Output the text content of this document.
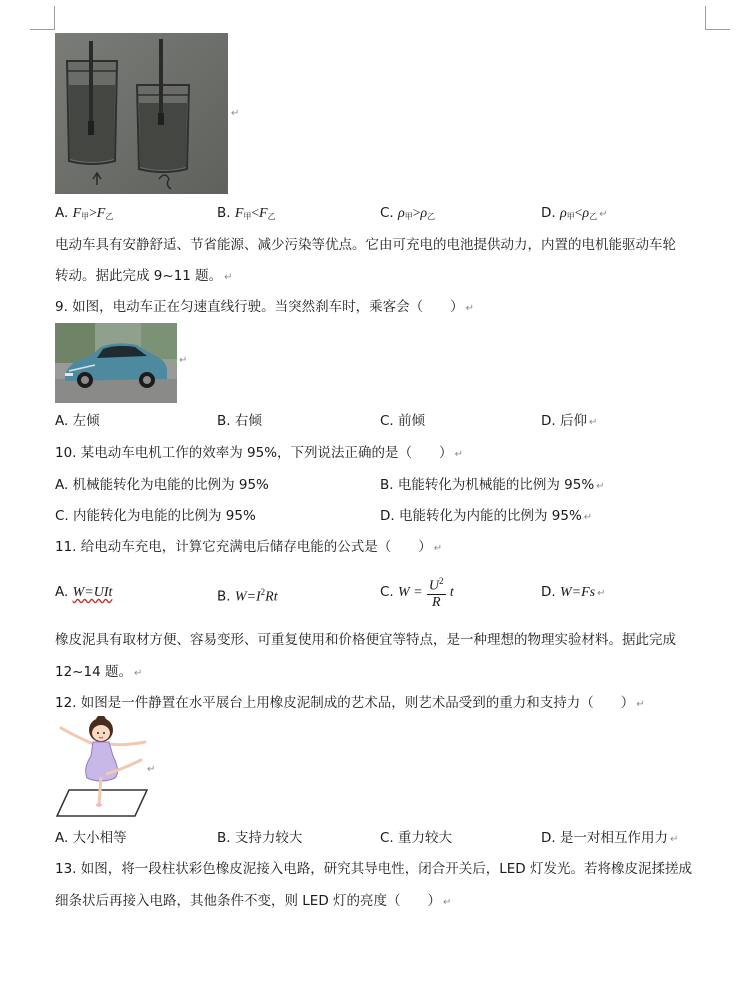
↵
A. $F_甲>F_乙$	B. $F_甲<F_乙$	C. $\rho_甲>\rho_乙$	D. $\rho_甲<\rho_乙$ ↵
电动车具有安静舒适、节省能源、减少污染等优点。它由可充电的电池提供动力，内置的电机能驱动车轮
转动。据此完成 9~11 题。 ↵
9. 如图，电动车正在匀速直线行驶。当突然刹车时，乘客会（　　） ↵
↵
A. 左倾	B. 右倾	C. 前倾	D. 后仰 ↵
10. 某电动车电机工作的效率为 95%，下列说法正确的是（　　） ↵
A. 机械能转化为电能的比例为 95%	B. 电能转化为机械能的比例为 95% ↵
C. 内能转化为电能的比例为 95%	D. 电能转化为内能的比例为 95% ↵
11. 给电动车充电，计算它充满电后储存电能的公式是（　　） ↵
A. W=UIt	B. $W=I^2Rt$	C. $W = \frac{U^2}{R}$ t	D. W=Fs ↵
橡皮泥具有取材方便、容易变形、可重复使用和价格便宜等特点，是一种理想的物理实验材料。据此完成
12~14 题。 ↵
12. 如图是一件静置在水平展台上用橡皮泥制成的艺术品，则艺术品受到的重力和支持力（　　） ↵
↵
A. 大小相等	B. 支持力较大	C. 重力较大	D. 是一对相互作用力 ↵
13. 如图，将一段柱状彩色橡皮泥接入电路，研究其导电性，闭合开关后，LED 灯发光。若将橡皮泥揉搓成
细条状后再接入电路，其他条件不变，则 LED 灯的亮度（　　） ↵
